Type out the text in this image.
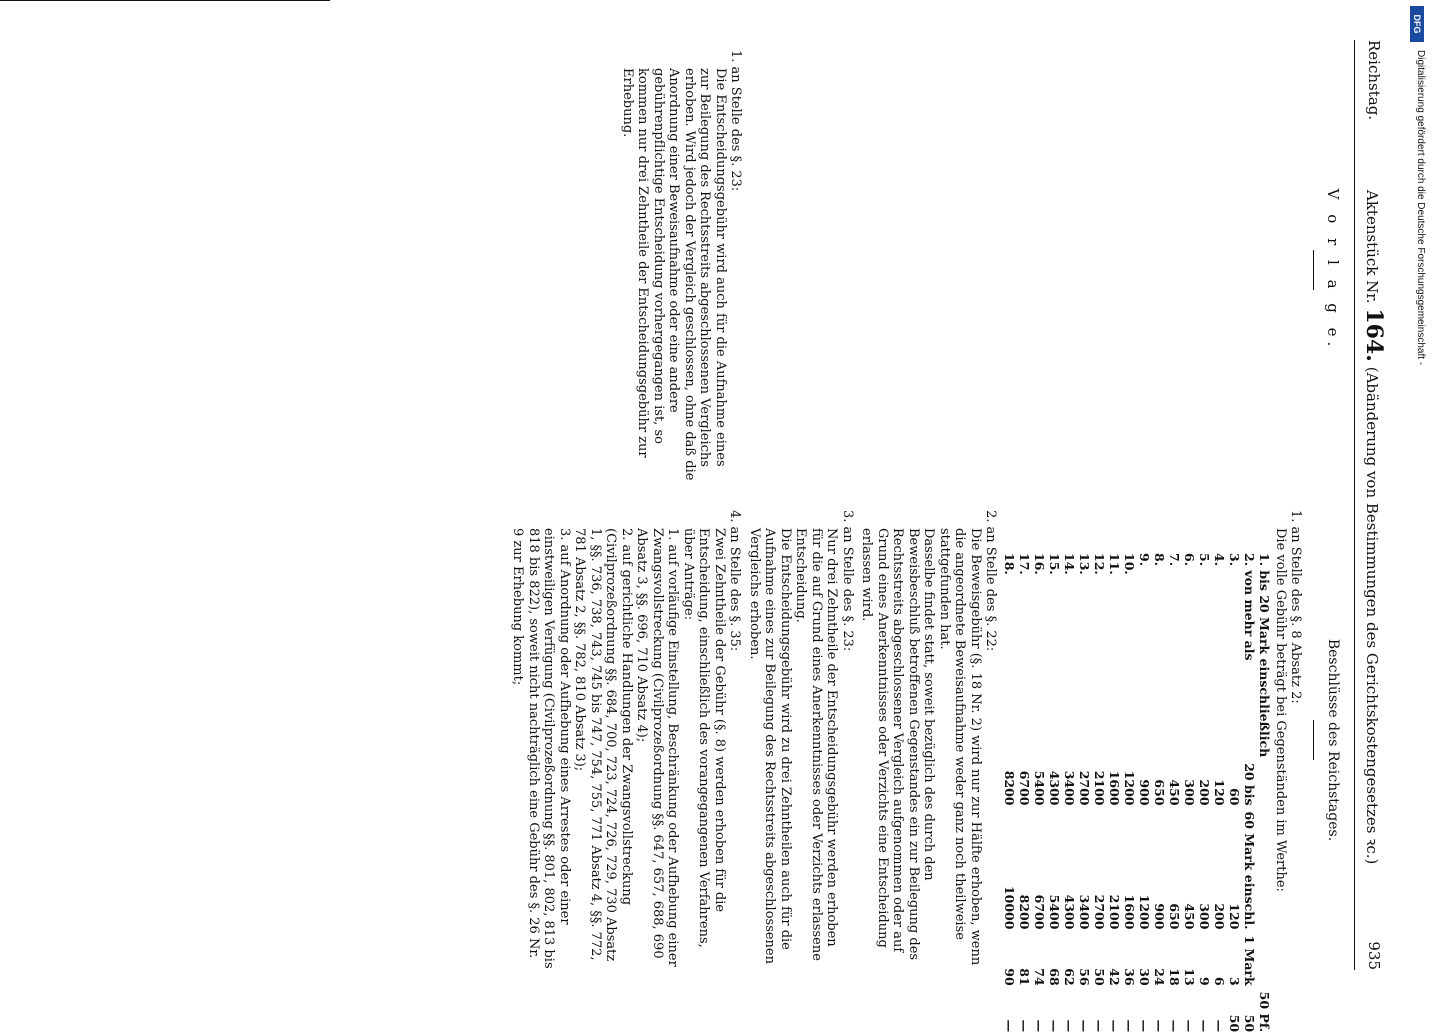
Reichstag.
Aktenstück Nr. 164. (Abänderung von Bestimmungen des Gerichtskostengesetzes ꝛc.)
935

V o r l a g e.

1. an Stelle des §. 23:

Die Entscheidungsgebühr wird auch für die Aufnahme eines zur Beilegung des Rechtsstreits abgeschlossenen Vergleichs erhoben. Wird jedoch der Vergleich geschlossen, ohne daß die Anordnung einer Beweisaufnahme oder eine andere gebührenpflichtige Entscheidung vorhergegangen ist, so kommen nur drei Zehntheile der Entscheidungsgebühr zur Erhebung.

Beschlüsse des Reichstages.

1. an Stelle des §. 8 Absatz 2:

Die volle Gebühr beträgt bei Gegenständen im Werthe:

1. bis 20 Mark einschließlich				50 Pf.
2. von mehr als	20 bis	60 Mark einschl.	1 Mark	50
3.	60	120	3	50
4.	120	200	6	—
5.	200	300	9	—
6.	300	450	13	—
7.	450	650	18	—
8.	650	900	24	—
9.	900	1200	30	—
10.	1200	1600	36	—
11.	1600	2100	42	—
12.	2100	2700	50	—
13.	2700	3400	56	—
14.	3400	4300	62	—
15.	4300	5400	68	—
16.	5400	6700	74	—
17.	6700	8200	81	—
18.	8200	10000	90	—

2. an Stelle des §. 22:

Die Beweisgebühr (§. 18 Nr. 2) wird nur zur Hälfte erhoben, wenn die angeordnete Beweisaufnahme weder ganz noch theilweise stattgefunden hat.

Dasselbe findet statt, soweit bezüglich des durch den Beweisbeschluß betroffenen Gegenstandes ein zur Beilegung des Rechtsstreits abgeschlossener Vergleich aufgenommen oder auf Grund eines Anerkenntnisses oder Verzichts eine Entscheidung erlassen wird.

3. an Stelle des §. 23:

Nur drei Zehntheile der Entscheidungsgebühr werden erhoben für die auf Grund eines Anerkenntnisses oder Verzichts erlassene Entscheidung.

Die Entscheidungsgebühr wird zu drei Zehntheilen auch für die Aufnahme eines zur Beilegung des Rechtsstreits abgeschlossenen Vergleichs erhoben.

4. an Stelle des §. 35:

Zwei Zehntheile der Gebühr (§. 8) werden erhoben für die Entscheidung, einschließlich des vorangegangenen Verfahrens, über Anträge:

1. auf vorläufige Einstellung, Beschränkung oder Aufhebung einer Zwangsvollstreckung (Civilprozeßordnung §§. 647, 657, 688, 690 Absatz 3, §§. 696, 710 Absatz 4);

2. auf gerichtliche Handlungen der Zwangsvollstreckung (Civilprozeßordnung §§. 684, 700, 723, 724, 726, 729, 730 Absatz 1, §§. 736, 738, 743, 745 bis 747, 754, 755, 771 Absatz 4, §§. 772, 781 Absatz 2, §§. 782, 810 Absatz 3);

3. auf Anordnung oder Aufhebung eines Arrestes oder einer einstweiligen Verfügung (Civilprozeßordnung §§. 801, 802, 813 bis 818 bis 822), soweit nicht nachträglich eine Gebühr des §. 26 Nr. 9 zur Erhebung kommt;

DFG
Digitalisierung gefördert durch die Deutsche Forschungsgemeinschaft -
